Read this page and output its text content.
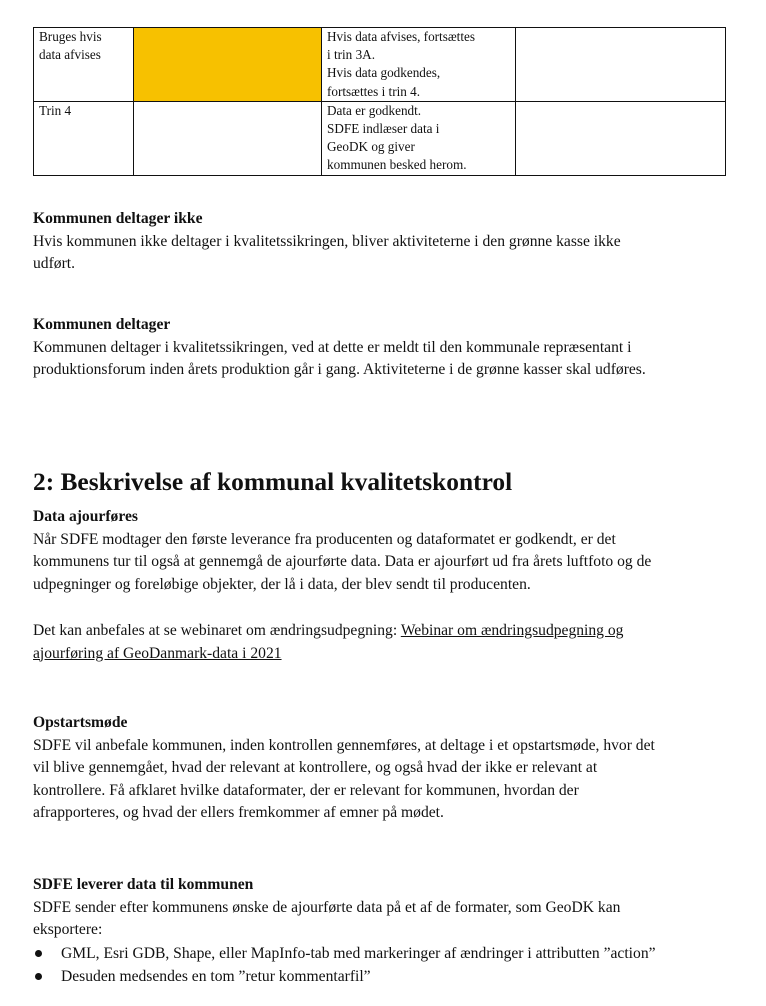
Bruges hvis
data afvises		Hvis data afvises, fortsættes
i trin 3A.
Hvis data godkendes,
fortsættes i trin 4.	

Trin 4		Data er godkendt.
SDFE indlæser data i
GeoDK og giver
kommunen besked herom.	

Kommunen deltager ikke
Hvis kommunen ikke deltager i kvalitetssikringen, bliver aktiviteterne i den grønne kasse ikke
udført.
Kommunen deltager
Kommunen deltager i kvalitetssikringen, ved at dette er meldt til den kommunale repræsentant i
produktionsforum inden årets produktion går i gang. Aktiviteterne i de grønne kasser skal udføres.
2: Beskrivelse af kommunal kvalitetskontrol
Data ajourføres
Når SDFE modtager den første leverance fra producenten og dataformatet er godkendt, er det
kommunens tur til også at gennemgå de ajourførte data. Data er ajourført ud fra årets luftfoto og de
udpegninger og foreløbige objekter, der lå i data, der blev sendt til producenten.
Det kan anbefales at se webinaret om ændringsudpegning: Webinar om ændringsudpegning og
ajourføring af GeoDanmark-data i 2021
Opstartsmøde
SDFE vil anbefale kommunen, inden kontrollen gennemføres, at deltage i et opstartsmøde, hvor det
vil blive gennemgået, hvad der relevant at kontrollere, og også hvad der ikke er relevant at
kontrollere. Få afklaret hvilke dataformater, der er relevant for kommunen, hvordan der
afrapporteres, og hvad der ellers fremkommer af emner på mødet.
SDFE leverer data til kommunen
SDFE sender efter kommunens ønske de ajourførte data på et af de formater, som GeoDK kan
eksportere:
GML, Esri GDB, Shape, eller MapInfo-tab med markeringer af ændringer i attributten ”action”
Desuden medsendes en tom ”retur kommentarfil”
